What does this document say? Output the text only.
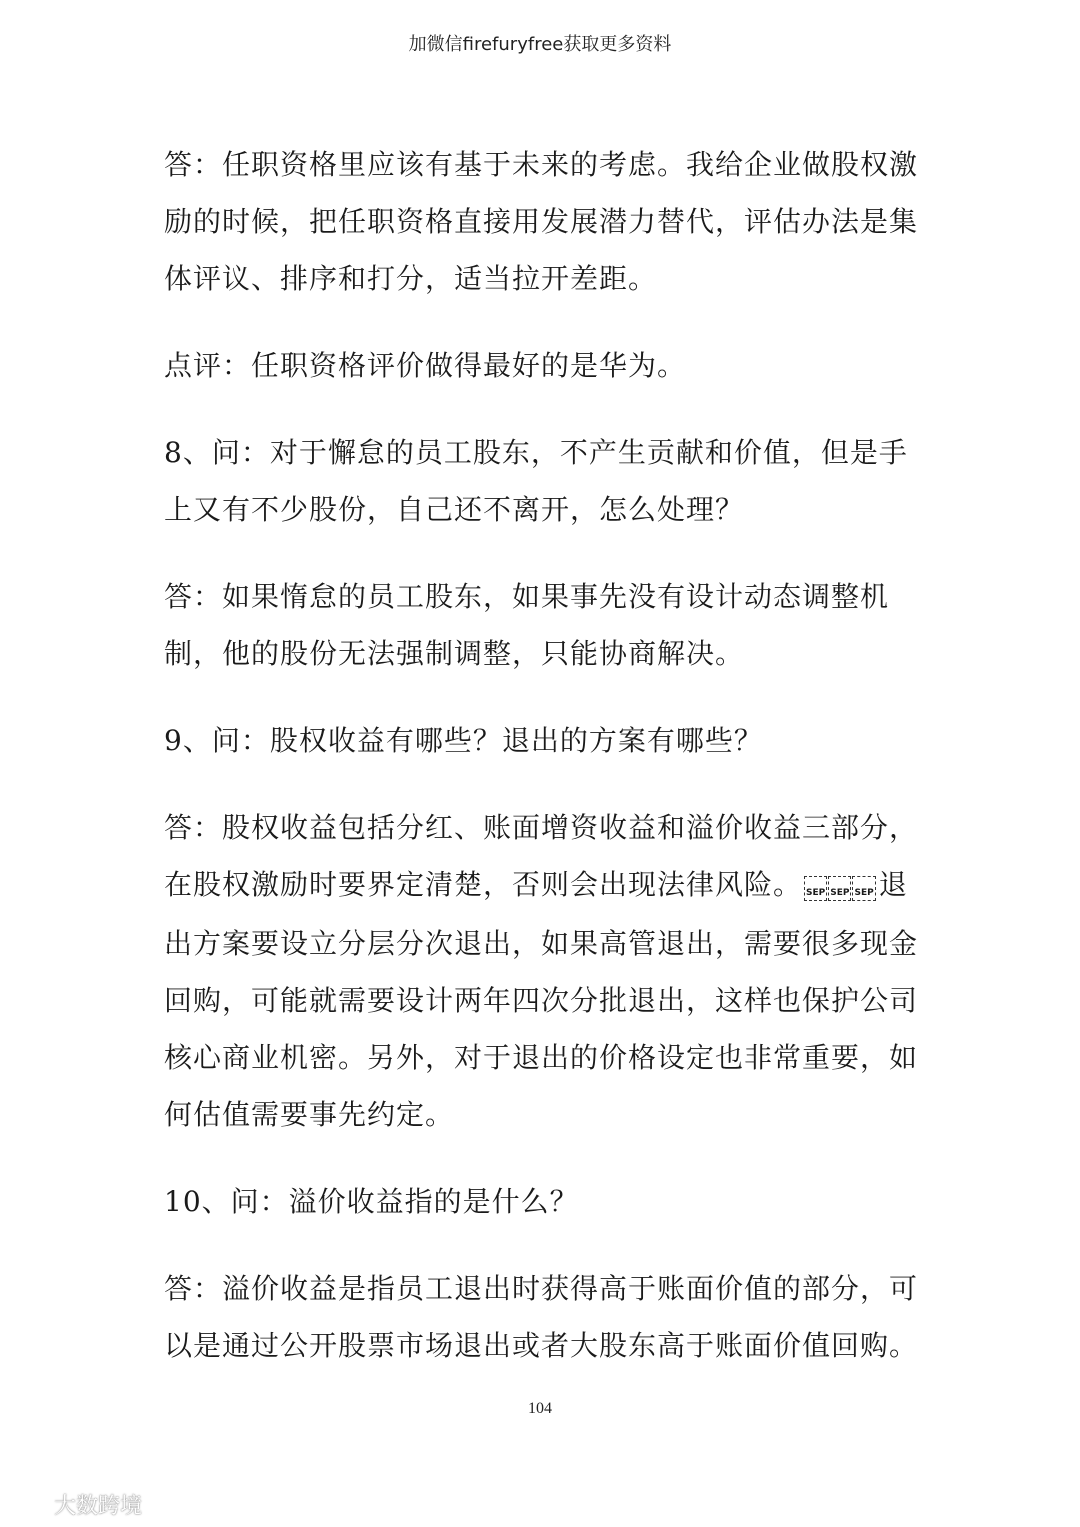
加微信firefuryfree获取更多资料

答：任职资格里应该有基于未来的考虑。我给企业做股权激励的时候，把任职资格直接用发展潜力替代，评估办法是集体评议、排序和打分，适当拉开差距。

点评：任职资格评价做得最好的是华为。

8、问：对于懈怠的员工股东，不产生贡献和价值，但是手上又有不少股份，自己还不离开，怎么处理？

答：如果惰怠的员工股东，如果事先没有设计动态调整机制，他的股份无法强制调整，只能协商解决。

9、问：股权收益有哪些？退出的方案有哪些？

答：股权收益包括分红、账面增资收益和溢价收益三部分，在股权激励时要界定清楚，否则会出现法律风险。 SEP SEP SEP 退出方案要设立分层分次退出，如果高管退出，需要很多现金回购，可能就需要设计两年四次分批退出，这样也保护公司核心商业机密。另外，对于退出的价格设定也非常重要，如何估值需要事先约定。

10、问：溢价收益指的是什么？

答：溢价收益是指员工退出时获得高于账面价值的部分，可以是通过公开股票市场退出或者大股东高于账面价值回购。

104
大数跨境
